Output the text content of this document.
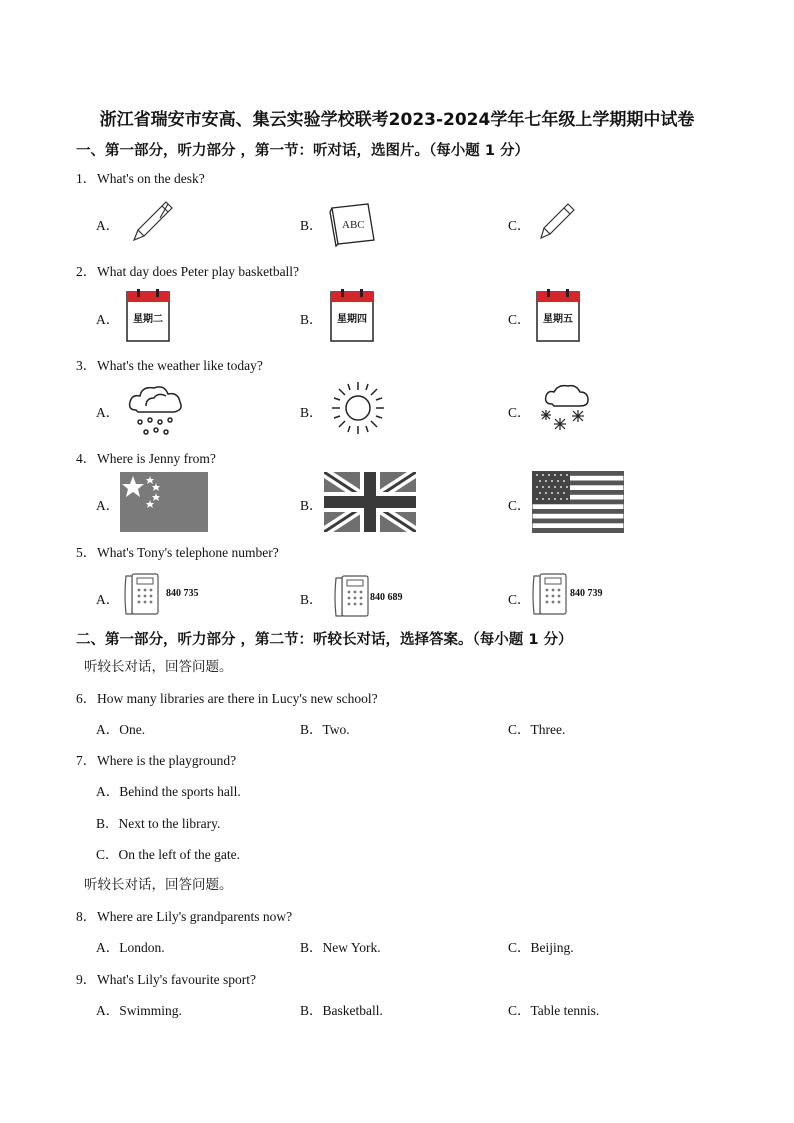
浙江省瑞安市安高、集云实验学校联考2023-2024学年七年级上学期期中试卷
一、第一部分，听力部分 ，第一节：听对话，选图片。（每小题 1 分）
1．What's on the desk?
A．	B． ABC	C．
2．What day does Peter play basketball?
A．	星期二	B．	星期四	C．	星期五
3．What's the weather like today?
A．	B．	C．
4．Where is Jenny from?
A．	B．	C．
5．What's Tony's telephone number?
A．	840 735	B．	840 689	C．	840 739
二、第一部分，听力部分 ，第二节：听较长对话，选择答案。（每小题 1 分）
听较长对话，回答问题。
6．How many libraries are there in Lucy's new school?
A．One.	B．Two.	C．Three.
7．Where is the playground?
A．Behind the sports hall.
B．Next to the library.
C．On the left of the gate.
听较长对话，回答问题。
8．Where are Lily's grandparents now?
A．London.	B．New York.	C．Beijing.
9．What's Lily's favourite sport?
A．Swimming.	B．Basketball.	C．Table tennis.
